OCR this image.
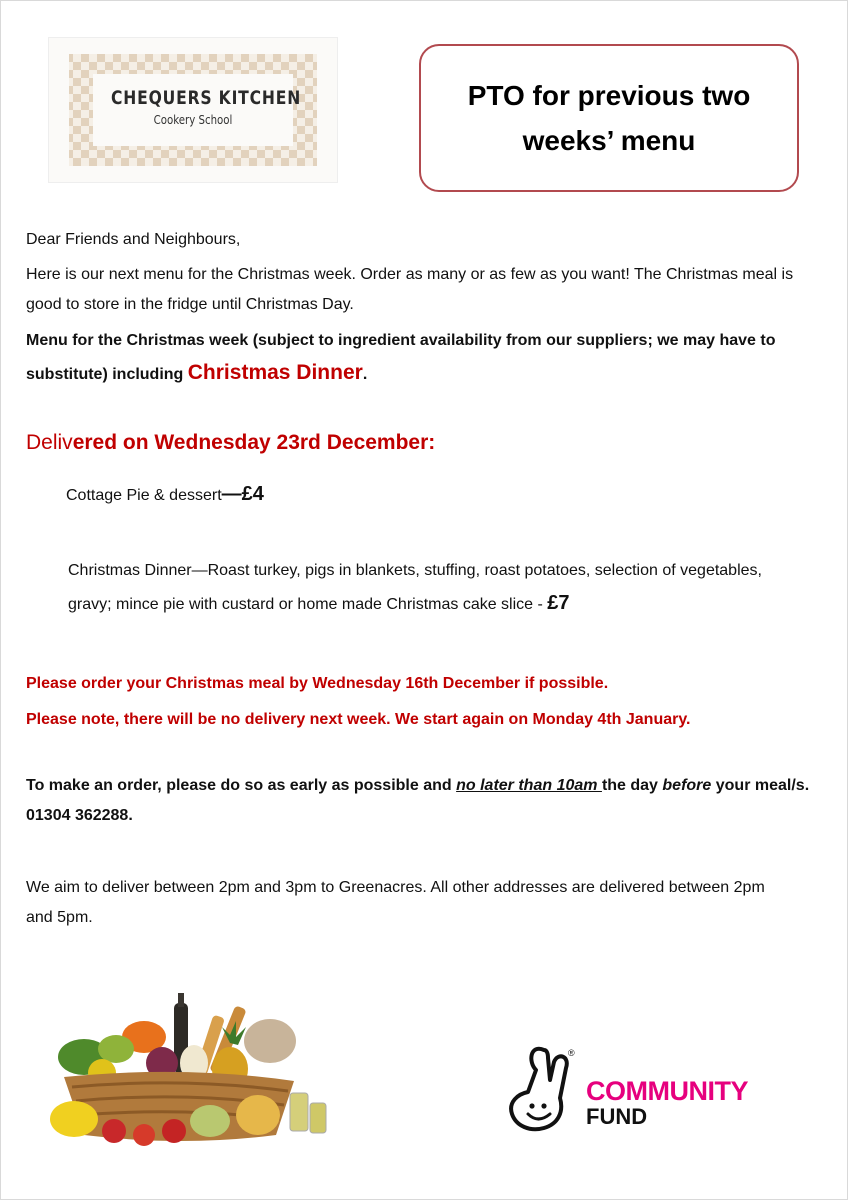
CHEQUERS KITCHEN
Cookery School
PTO for previous two weeks’ menu
Dear Friends and Neighbours,
Here is our next menu for the Christmas week. Order as many or as few as you want! The Christmas meal is good to store in the fridge until Christmas Day.
Menu for the Christmas week (subject to ingredient availability from our suppliers; we may have to substitute) including Christmas Dinner.
Delivered on Wednesday 23rd December:
Cottage Pie & dessert—£4
Christmas Dinner—Roast turkey, pigs in blankets, stuffing, roast potatoes, selection of vegetables, gravy; mince pie with custard or home made Christmas cake slice - £7
Please order your Christmas meal by Wednesday 16th December if possible.
Please note, there will be no delivery next week. We start again on Monday 4th January.
To make an order, please do so as early as possible and no later than 10am the day before your meal/s. 01304 362288.
We aim to deliver between 2pm and 3pm to Greenacres. All other addresses are delivered between 2pm and 5pm.
®
COMMUNITY
FUND
